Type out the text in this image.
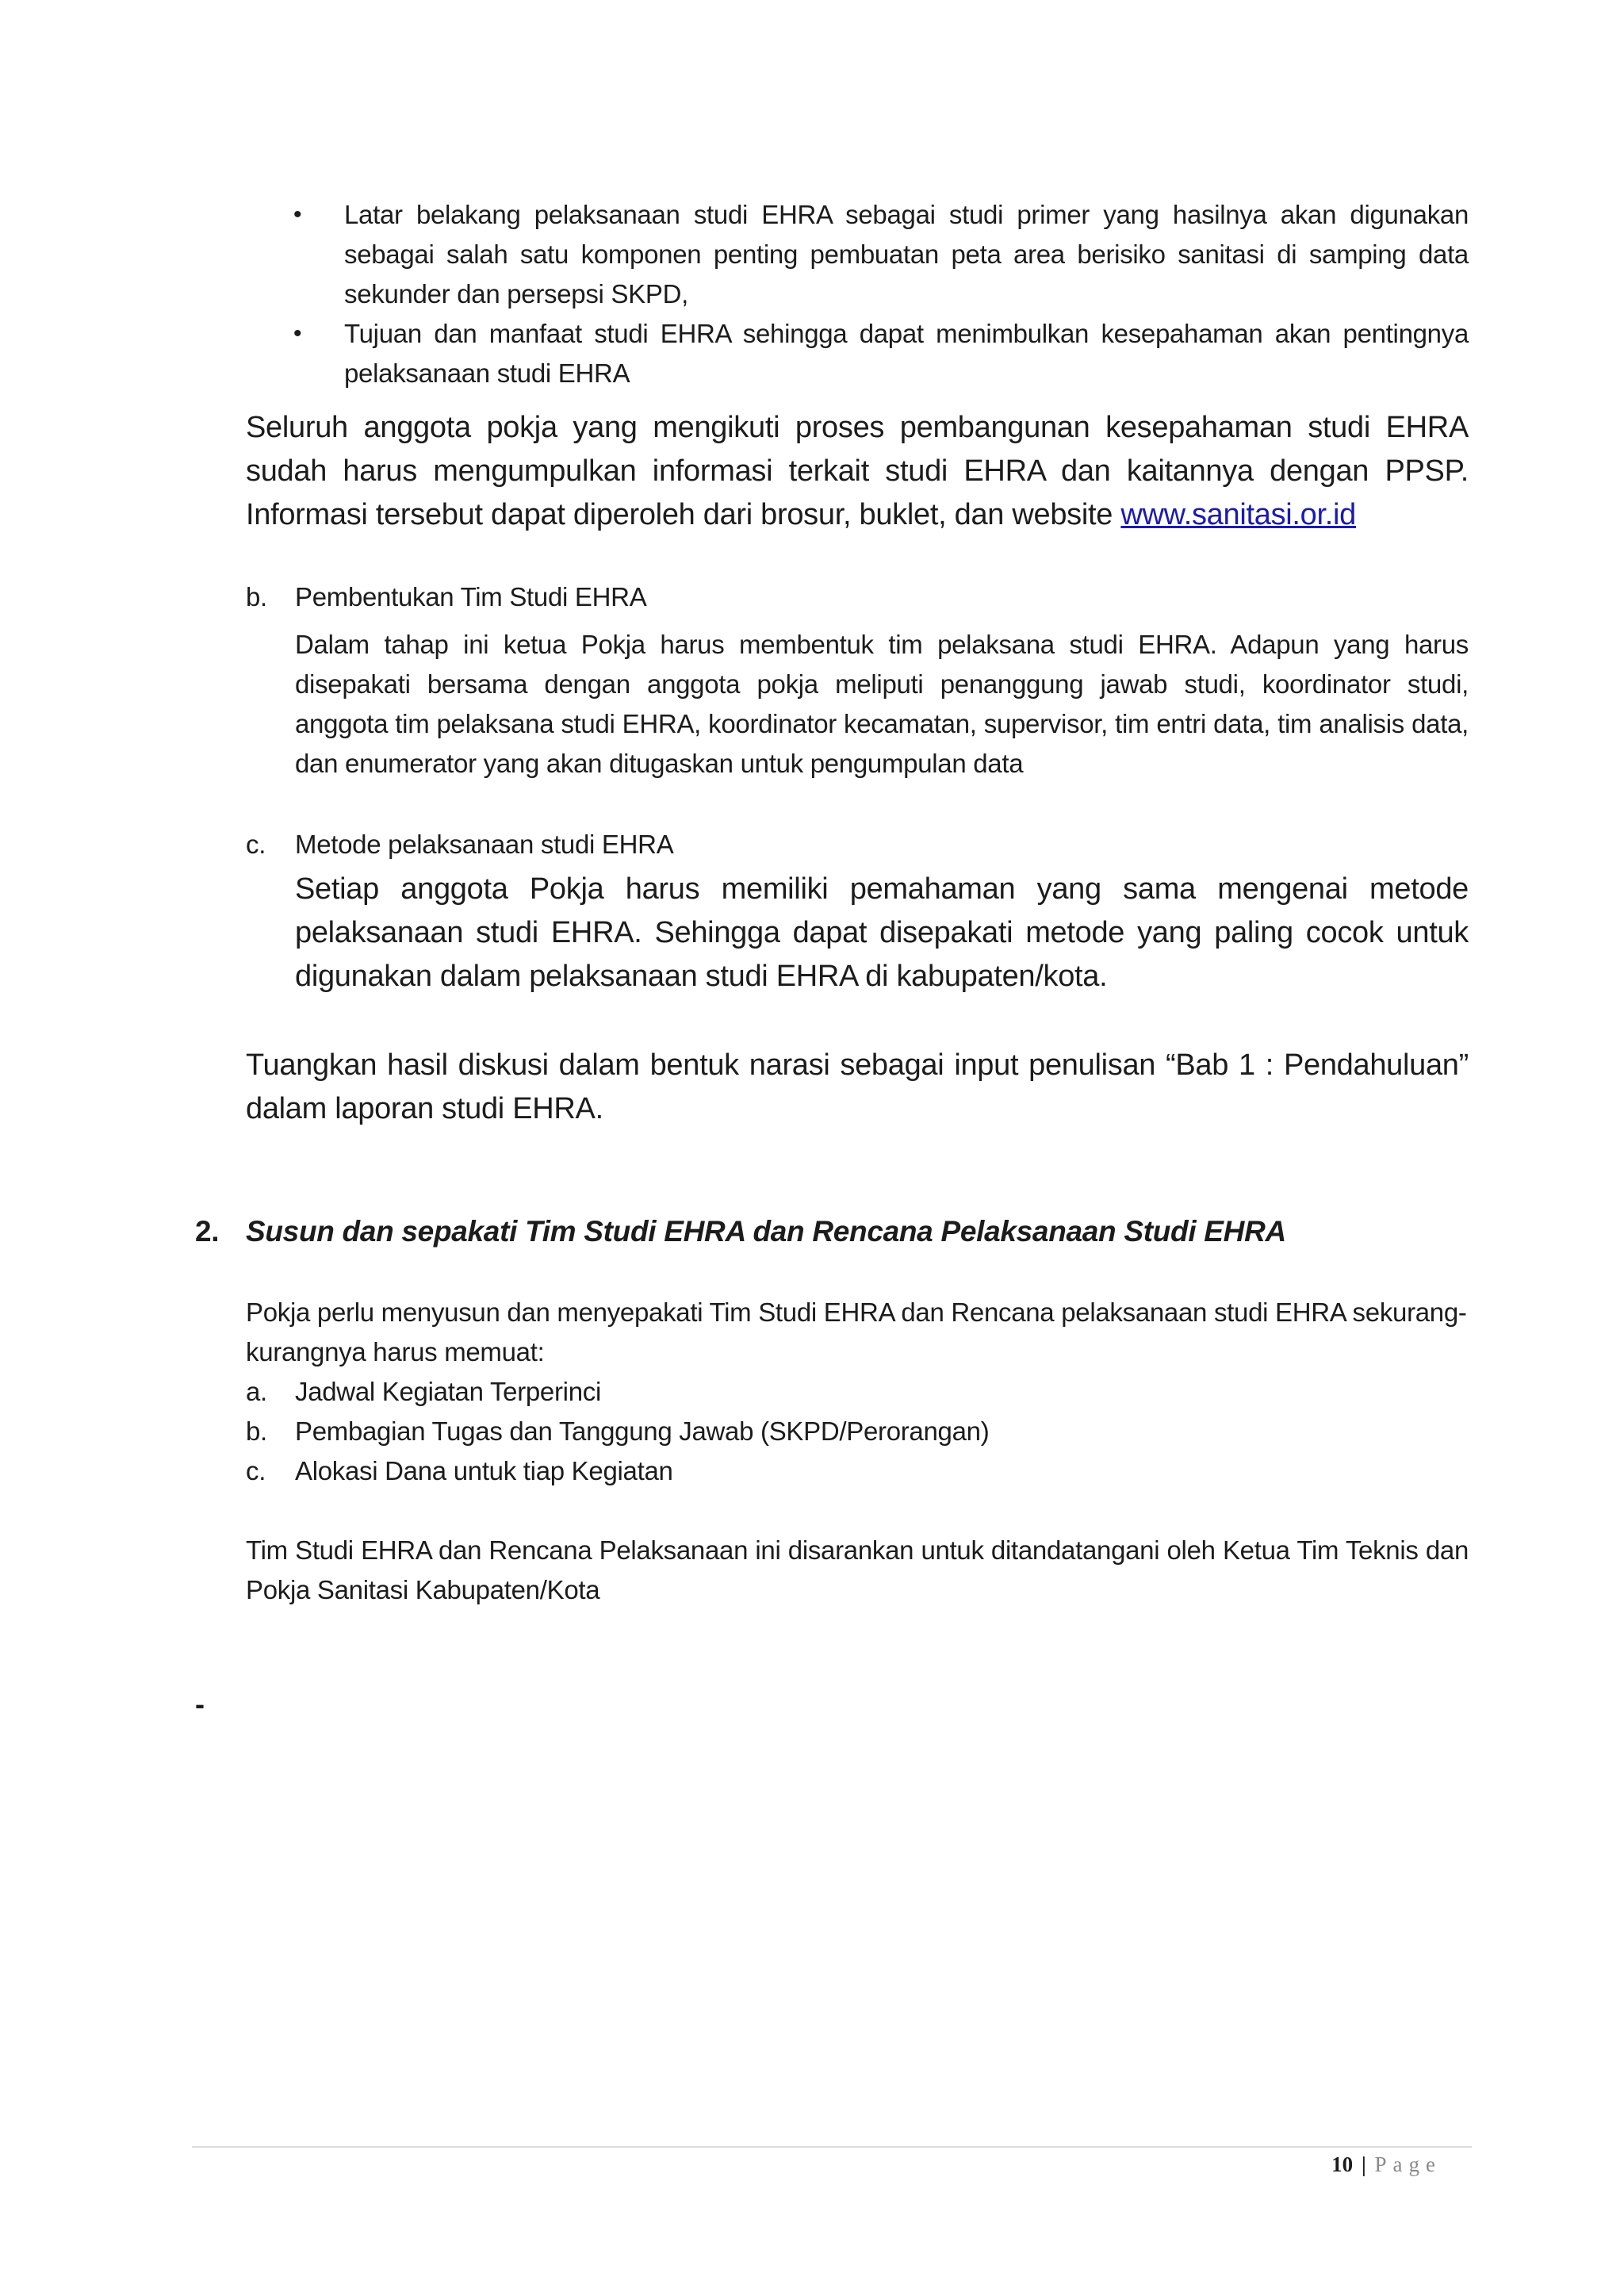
•	Latar belakang pelaksanaan studi EHRA sebagai studi primer yang hasilnya akan digunakan sebagai salah satu komponen penting pembuatan peta area berisiko sanitasi di samping data sekunder dan persepsi SKPD,
•	Tujuan dan manfaat studi EHRA sehingga dapat menimbulkan kesepahaman akan pentingnya pelaksanaan studi EHRA
Seluruh anggota pokja yang mengikuti proses pembangunan kesepahaman studi EHRA sudah harus mengumpulkan informasi terkait studi EHRA dan kaitannya dengan PPSP. Informasi tersebut dapat diperoleh dari brosur, buklet, dan website www.sanitasi.or.id
b. Pembentukan Tim Studi EHRA
Dalam tahap ini ketua Pokja harus membentuk tim pelaksana studi EHRA. Adapun yang harus disepakati bersama dengan anggota pokja meliputi penanggung jawab studi, koordinator studi, anggota tim pelaksana studi EHRA, koordinator kecamatan, supervisor, tim entri data, tim analisis data, dan enumerator yang akan ditugaskan untuk pengumpulan data
c. Metode pelaksanaan studi EHRA
Setiap anggota Pokja harus memiliki pemahaman yang sama mengenai metode pelaksanaan studi EHRA. Sehingga dapat disepakati metode yang paling cocok untuk digunakan dalam pelaksanaan studi EHRA di kabupaten/kota.
Tuangkan hasil diskusi dalam bentuk narasi sebagai input penulisan “Bab 1 : Pendahuluan” dalam laporan studi EHRA.
2. Susun dan sepakati Tim Studi EHRA dan Rencana Pelaksanaan Studi EHRA
Pokja perlu menyusun dan menyepakati Tim Studi EHRA dan Rencana pelaksanaan studi EHRA sekurang-kurangnya harus memuat:
a. Jadwal Kegiatan Terperinci
b. Pembagian Tugas dan Tanggung Jawab (SKPD/Perorangan)
c. Alokasi Dana untuk tiap Kegiatan
Tim Studi EHRA dan Rencana Pelaksanaan ini disarankan untuk ditandatangani oleh Ketua Tim Teknis dan Pokja Sanitasi Kabupaten/Kota
-
10 | Page
